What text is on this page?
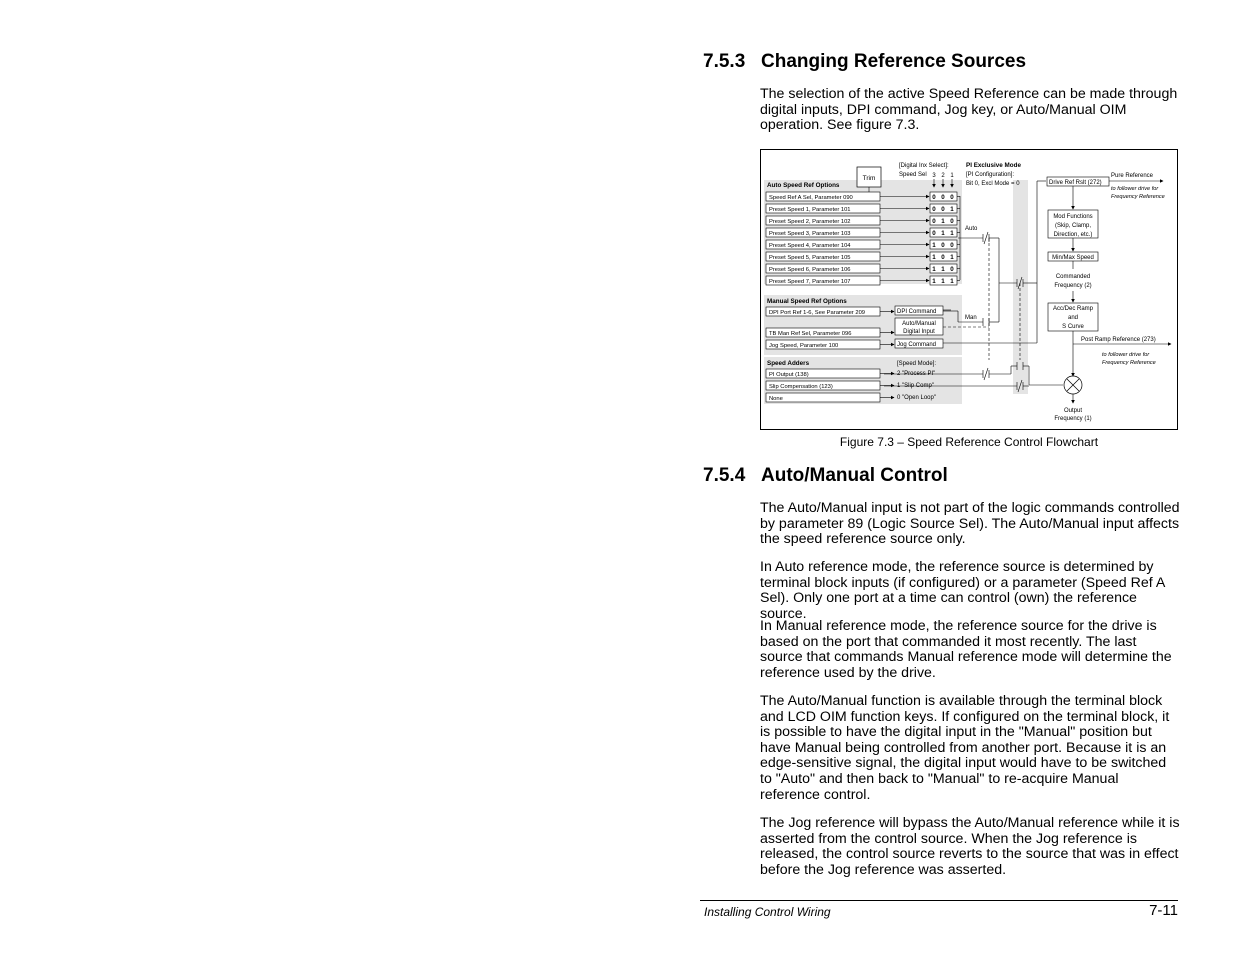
7.5.3 Changing Reference Sources

The selection of the active Speed Reference can be made through digital inputs, DPI command, Jog key, or Auto/Manual OIM operation. See figure 7.3.

Trim
[Digital Inx Select]:
Speed Sel 3 2 1
Auto Speed Ref Options
Speed Ref A Sel, Parameter 090	0 0 0
Preset Speed 1, Parameter 101	0 0 1
Preset Speed 2, Parameter 102	0 1 0
Preset Speed 3, Parameter 103	0 1 1
Preset Speed 4, Parameter 104	1 0 0
Preset Speed 5, Parameter 105	1 0 1
Preset Speed 6, Parameter 106	1 1 0
Preset Speed 7, Parameter 107	1 1 1
PI Exclusive Mode
[PI Configuration]:
Bit 0, Excl Mode = 0
Auto
Man
Manual Speed Ref Options
DPI Port Ref 1-6, See Parameter 209
TB Man Ref Sel, Parameter 096
Jog Speed, Parameter 100
DPI Command
Auto/Manual
Digital Input
Jog Command
Speed Adders
PI Output (138)
Slip Compensation (123)
None
[Speed Mode]:
2 "Process PI"
1 "Slip Comp"
0 "Open Loop"
Drive Ref Rslt (272)
Pure Reference
to follower drive for
Frequency Reference
Mod Functions
(Skip, Clamp,
Direction, etc.)
Min/Max Speed
Commanded
Frequency (2)
Acc/Dec Ramp
and
S Curve
Post Ramp Reference (273)
to follower drive for
Frequency Reference
Output
Frequency (1)
Figure 7.3 – Speed Reference Control Flowchart
7.5.4 Auto/Manual Control

The Auto/Manual input is not part of the logic commands controlled by parameter 89 (Logic Source Sel). The Auto/Manual input affects the speed reference source only.

In Auto reference mode, the reference source is determined by terminal block inputs (if configured) or a parameter (Speed Ref A Sel). Only one port at a time can control (own) the reference source.

In Manual reference mode, the reference source for the drive is based on the port that commanded it most recently. The last source that commands Manual reference mode will determine the reference used by the drive.

The Auto/Manual function is available through the terminal block and LCD OIM function keys. If configured on the terminal block, it is possible to have the digital input in the "Manual" position but have Manual being controlled from another port. Because it is an edge-sensitive signal, the digital input would have to be switched to "Auto" and then back to "Manual" to re-acquire Manual reference control.

The Jog reference will bypass the Auto/Manual reference while it is asserted from the control source. When the Jog reference is released, the control source reverts to the source that was in effect before the Jog reference was asserted.

Installing Control Wiring	7-11
